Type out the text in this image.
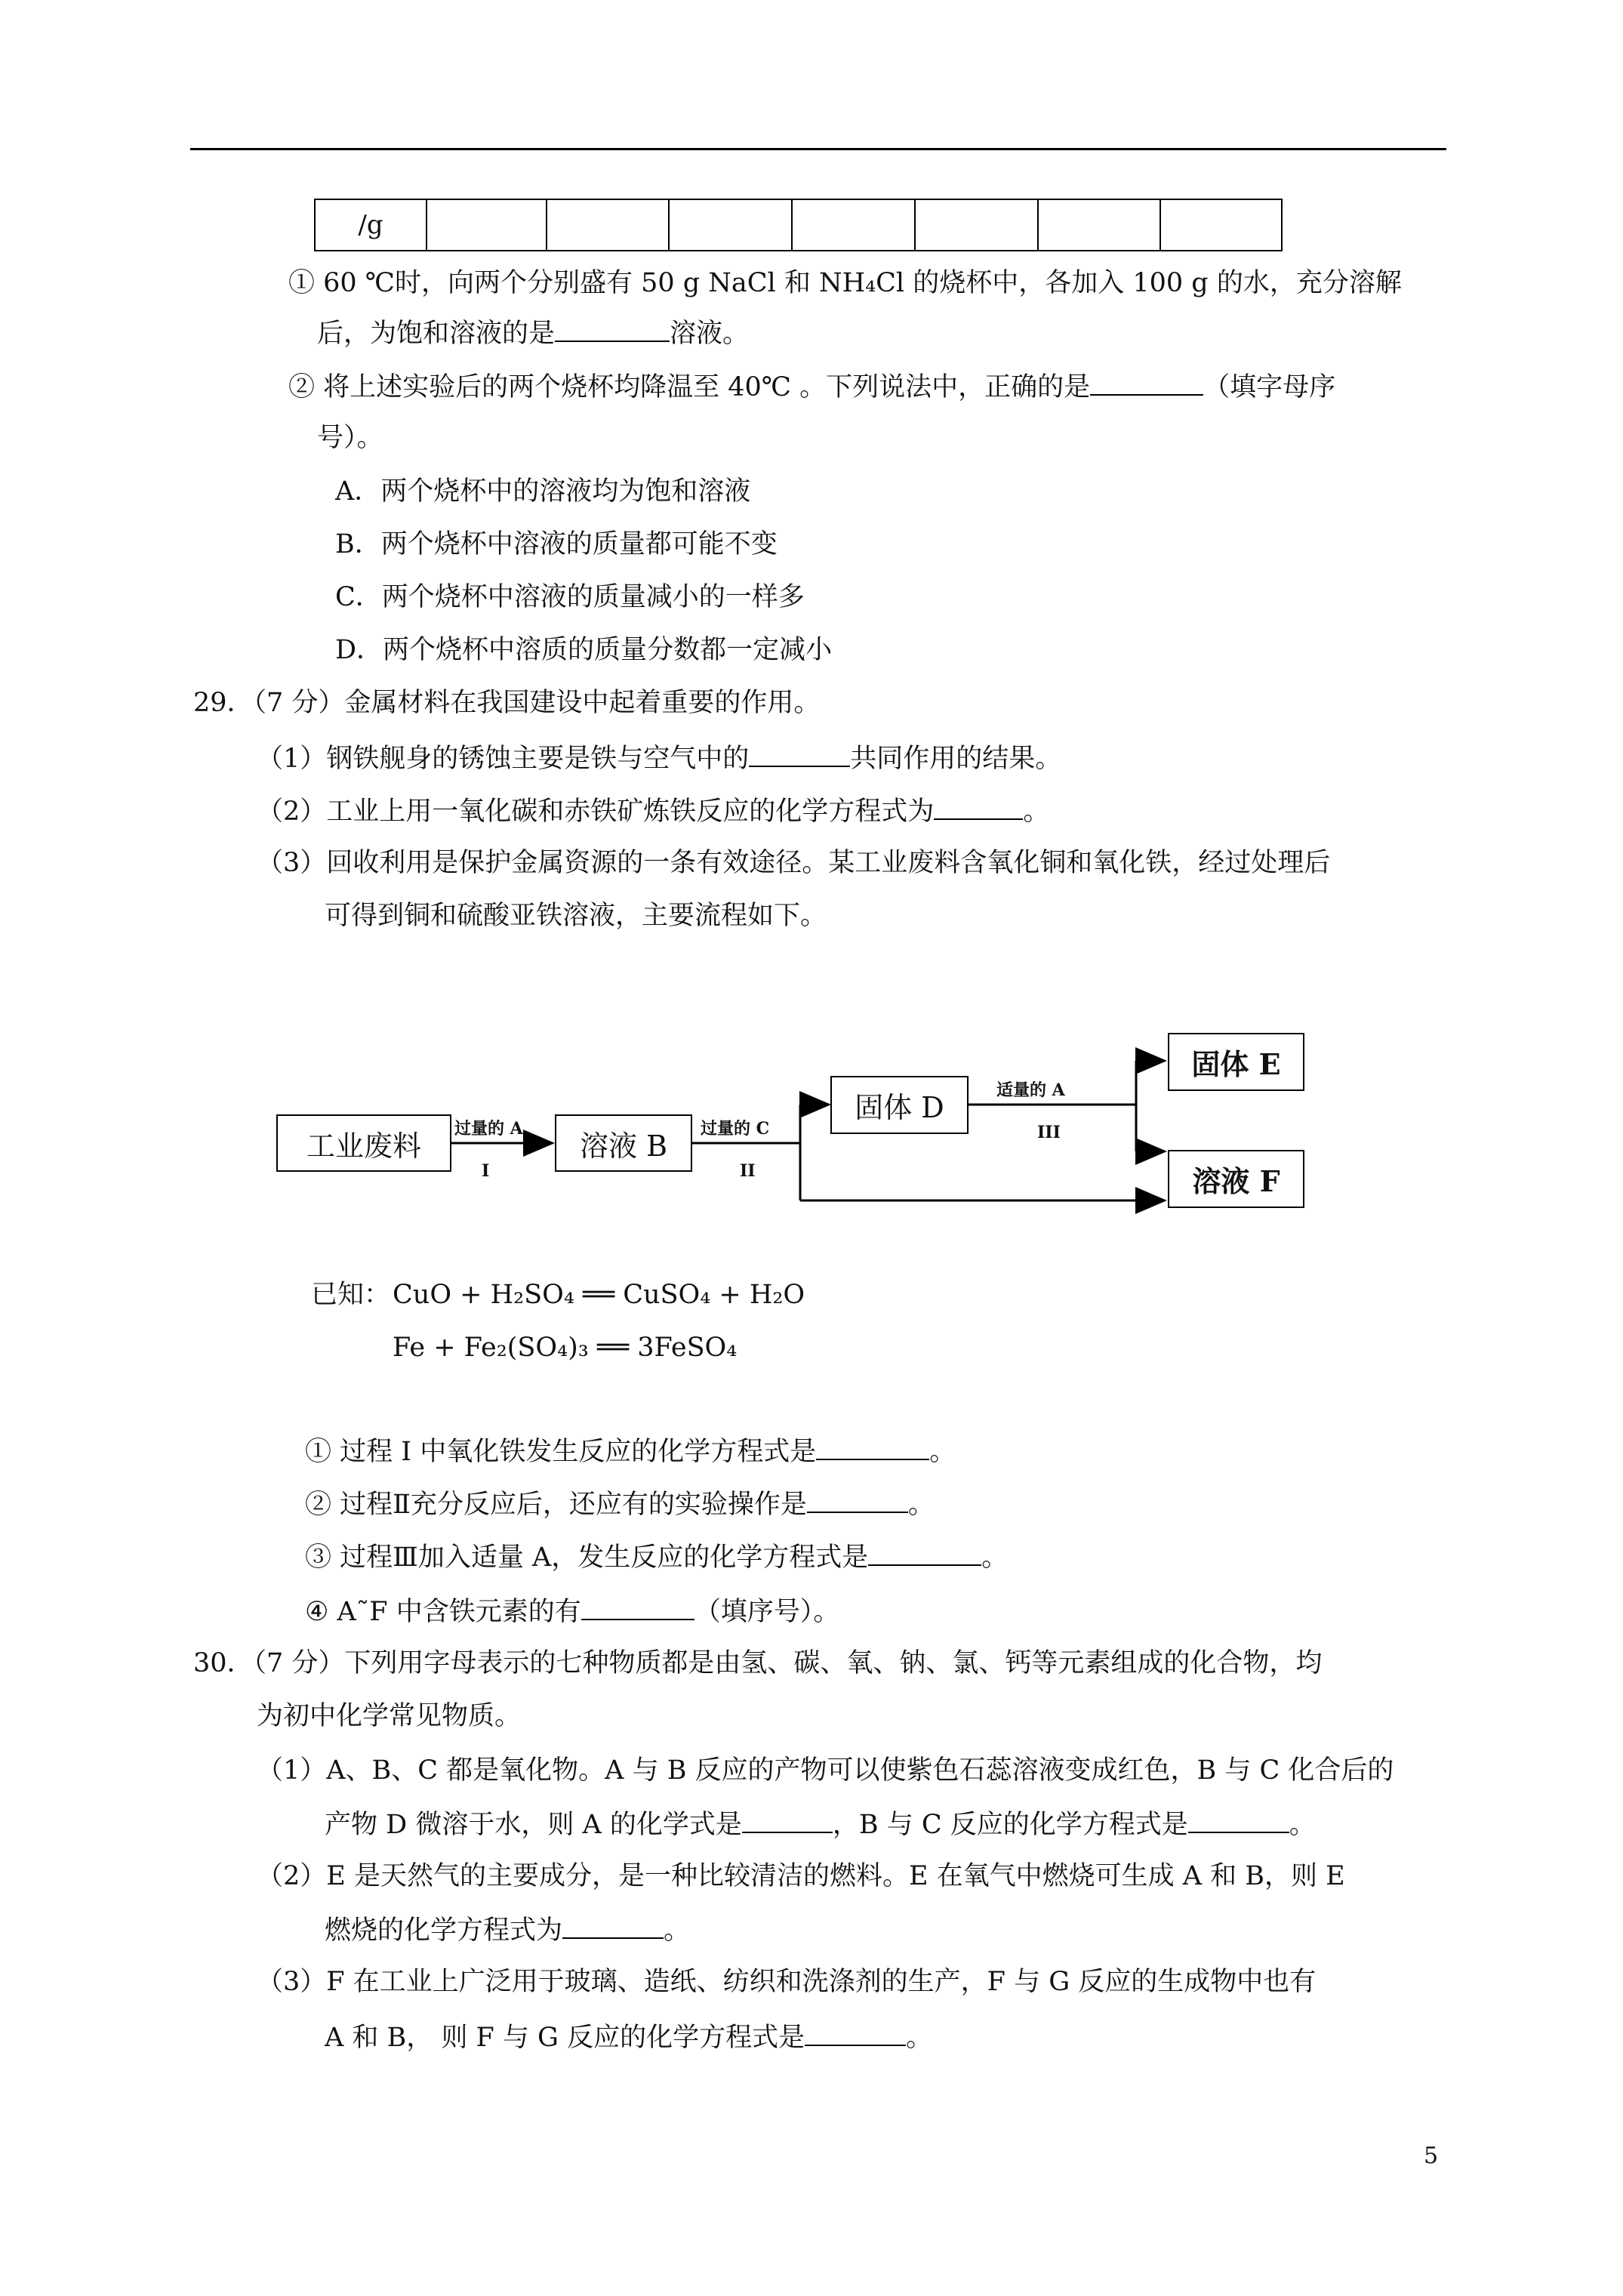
/g							
① 60 ℃时，向两个分别盛有 50 g NaCl 和 NH₄Cl 的烧杯中，各加入 100 g 的水，充分溶解
后，为饱和溶液的是	溶液。
② 将上述实验后的两个烧杯均降温至 40℃ 。下列说法中，正确的是	（填字母序
号）。
A．两个烧杯中的溶液均为饱和溶液
B．两个烧杯中溶液的质量都可能不变
C．两个烧杯中溶液的质量减小的一样多
D．两个烧杯中溶质的质量分数都一定减小
29．（7 分）金属材料在我国建设中起着重要的作用。
（1）钢铁舰身的锈蚀主要是铁与空气中的	共同作用的结果。
（2）工业上用一氧化碳和赤铁矿炼铁反应的化学方程式为	。
（3）回收利用是保护金属资源的一条有效途径。某工业废料含氧化铜和氧化铁，经过处理后
可得到铜和硫酸亚铁溶液，主要流程如下。
工业废料	溶液 B
固体 D
固体 E
溶液 F
过量的 A
I
过量的 C
II
适量的 A
III
已知： CuO + H₂SO₄ ══ CuSO₄ + H₂O
Fe + Fe₂(SO₄)₃ ══ 3FeSO₄
① 过程 I 中氧化铁发生反应的化学方程式是	。
② 过程Ⅱ充分反应后，还应有的实验操作是	。
③ 过程Ⅲ加入适量 A，发生反应的化学方程式是	。
④ A˜F 中含铁元素的有	（填序号）。
30．（7 分）下列用字母表示的七种物质都是由氢、碳、氧、钠、氯、钙等元素组成的化合物，均
为初中化学常见物质。
（1）A、B、C 都是氧化物。A 与 B 反应的产物可以使紫色石蕊溶液变成红色，B 与 C 化合后的
产物 D 微溶于水，则 A 的化学式是	，B 与 C 反应的化学方程式是	。
（2）E 是天然气的主要成分，是一种比较清洁的燃料。E 在氧气中燃烧可生成 A 和 B，则 E
燃烧的化学方程式为	。
（3）F 在工业上广泛用于玻璃、造纸、纺织和洗涤剂的生产，F 与 G 反应的生成物中也有
A 和 B， 则 F 与 G 反应的化学方程式是	。
5
